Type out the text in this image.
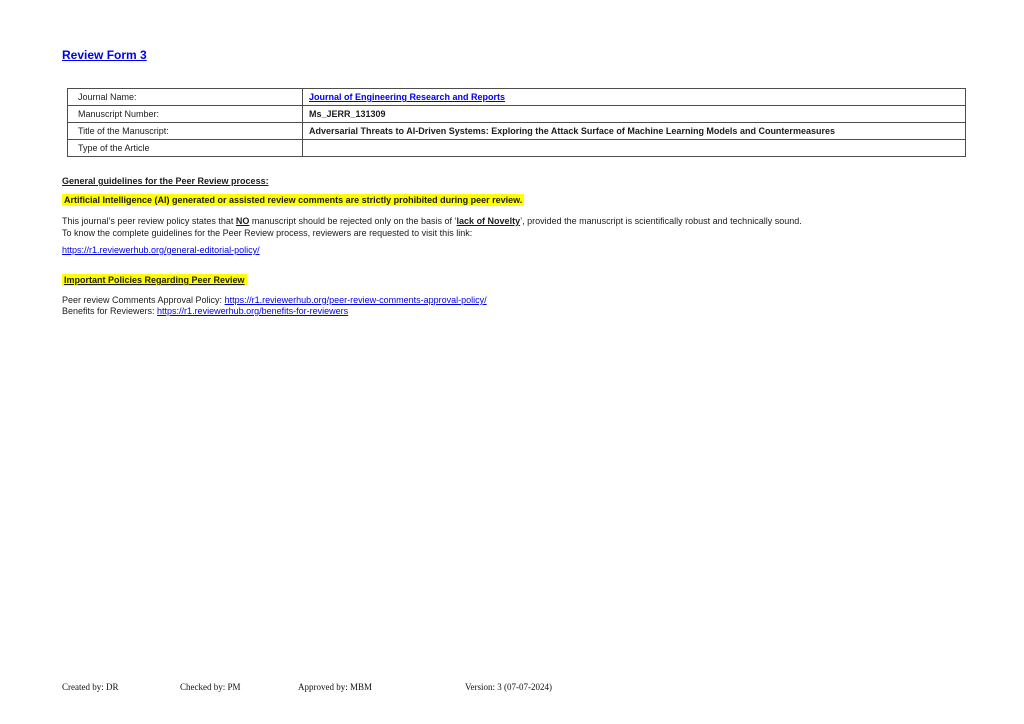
Review Form 3
Journal Name:	Journal of Engineering Research and Reports
Manuscript Number:	Ms_JERR_131309
Title of the Manuscript:	Adversarial Threats to AI-Driven Systems: Exploring the Attack Surface of Machine Learning Models and Countermeasures
Type of the Article	
General guidelines for the Peer Review process:
Artificial Intelligence (AI) generated or assisted review comments are strictly prohibited during peer review.
This journal’s peer review policy states that NO manuscript should be rejected only on the basis of ‘lack of Novelty’, provided the manuscript is scientifically robust and technically sound.
To know the complete guidelines for the Peer Review process, reviewers are requested to visit this link:
https://r1.reviewerhub.org/general-editorial-policy/
Important Policies Regarding Peer Review
Peer review Comments Approval Policy: https://r1.reviewerhub.org/peer-review-comments-approval-policy/
Benefits for Reviewers: https://r1.reviewerhub.org/benefits-for-reviewers
Created by: DR	Checked by: PM	Approved by: MBM	Version: 3 (07-07-2024)
